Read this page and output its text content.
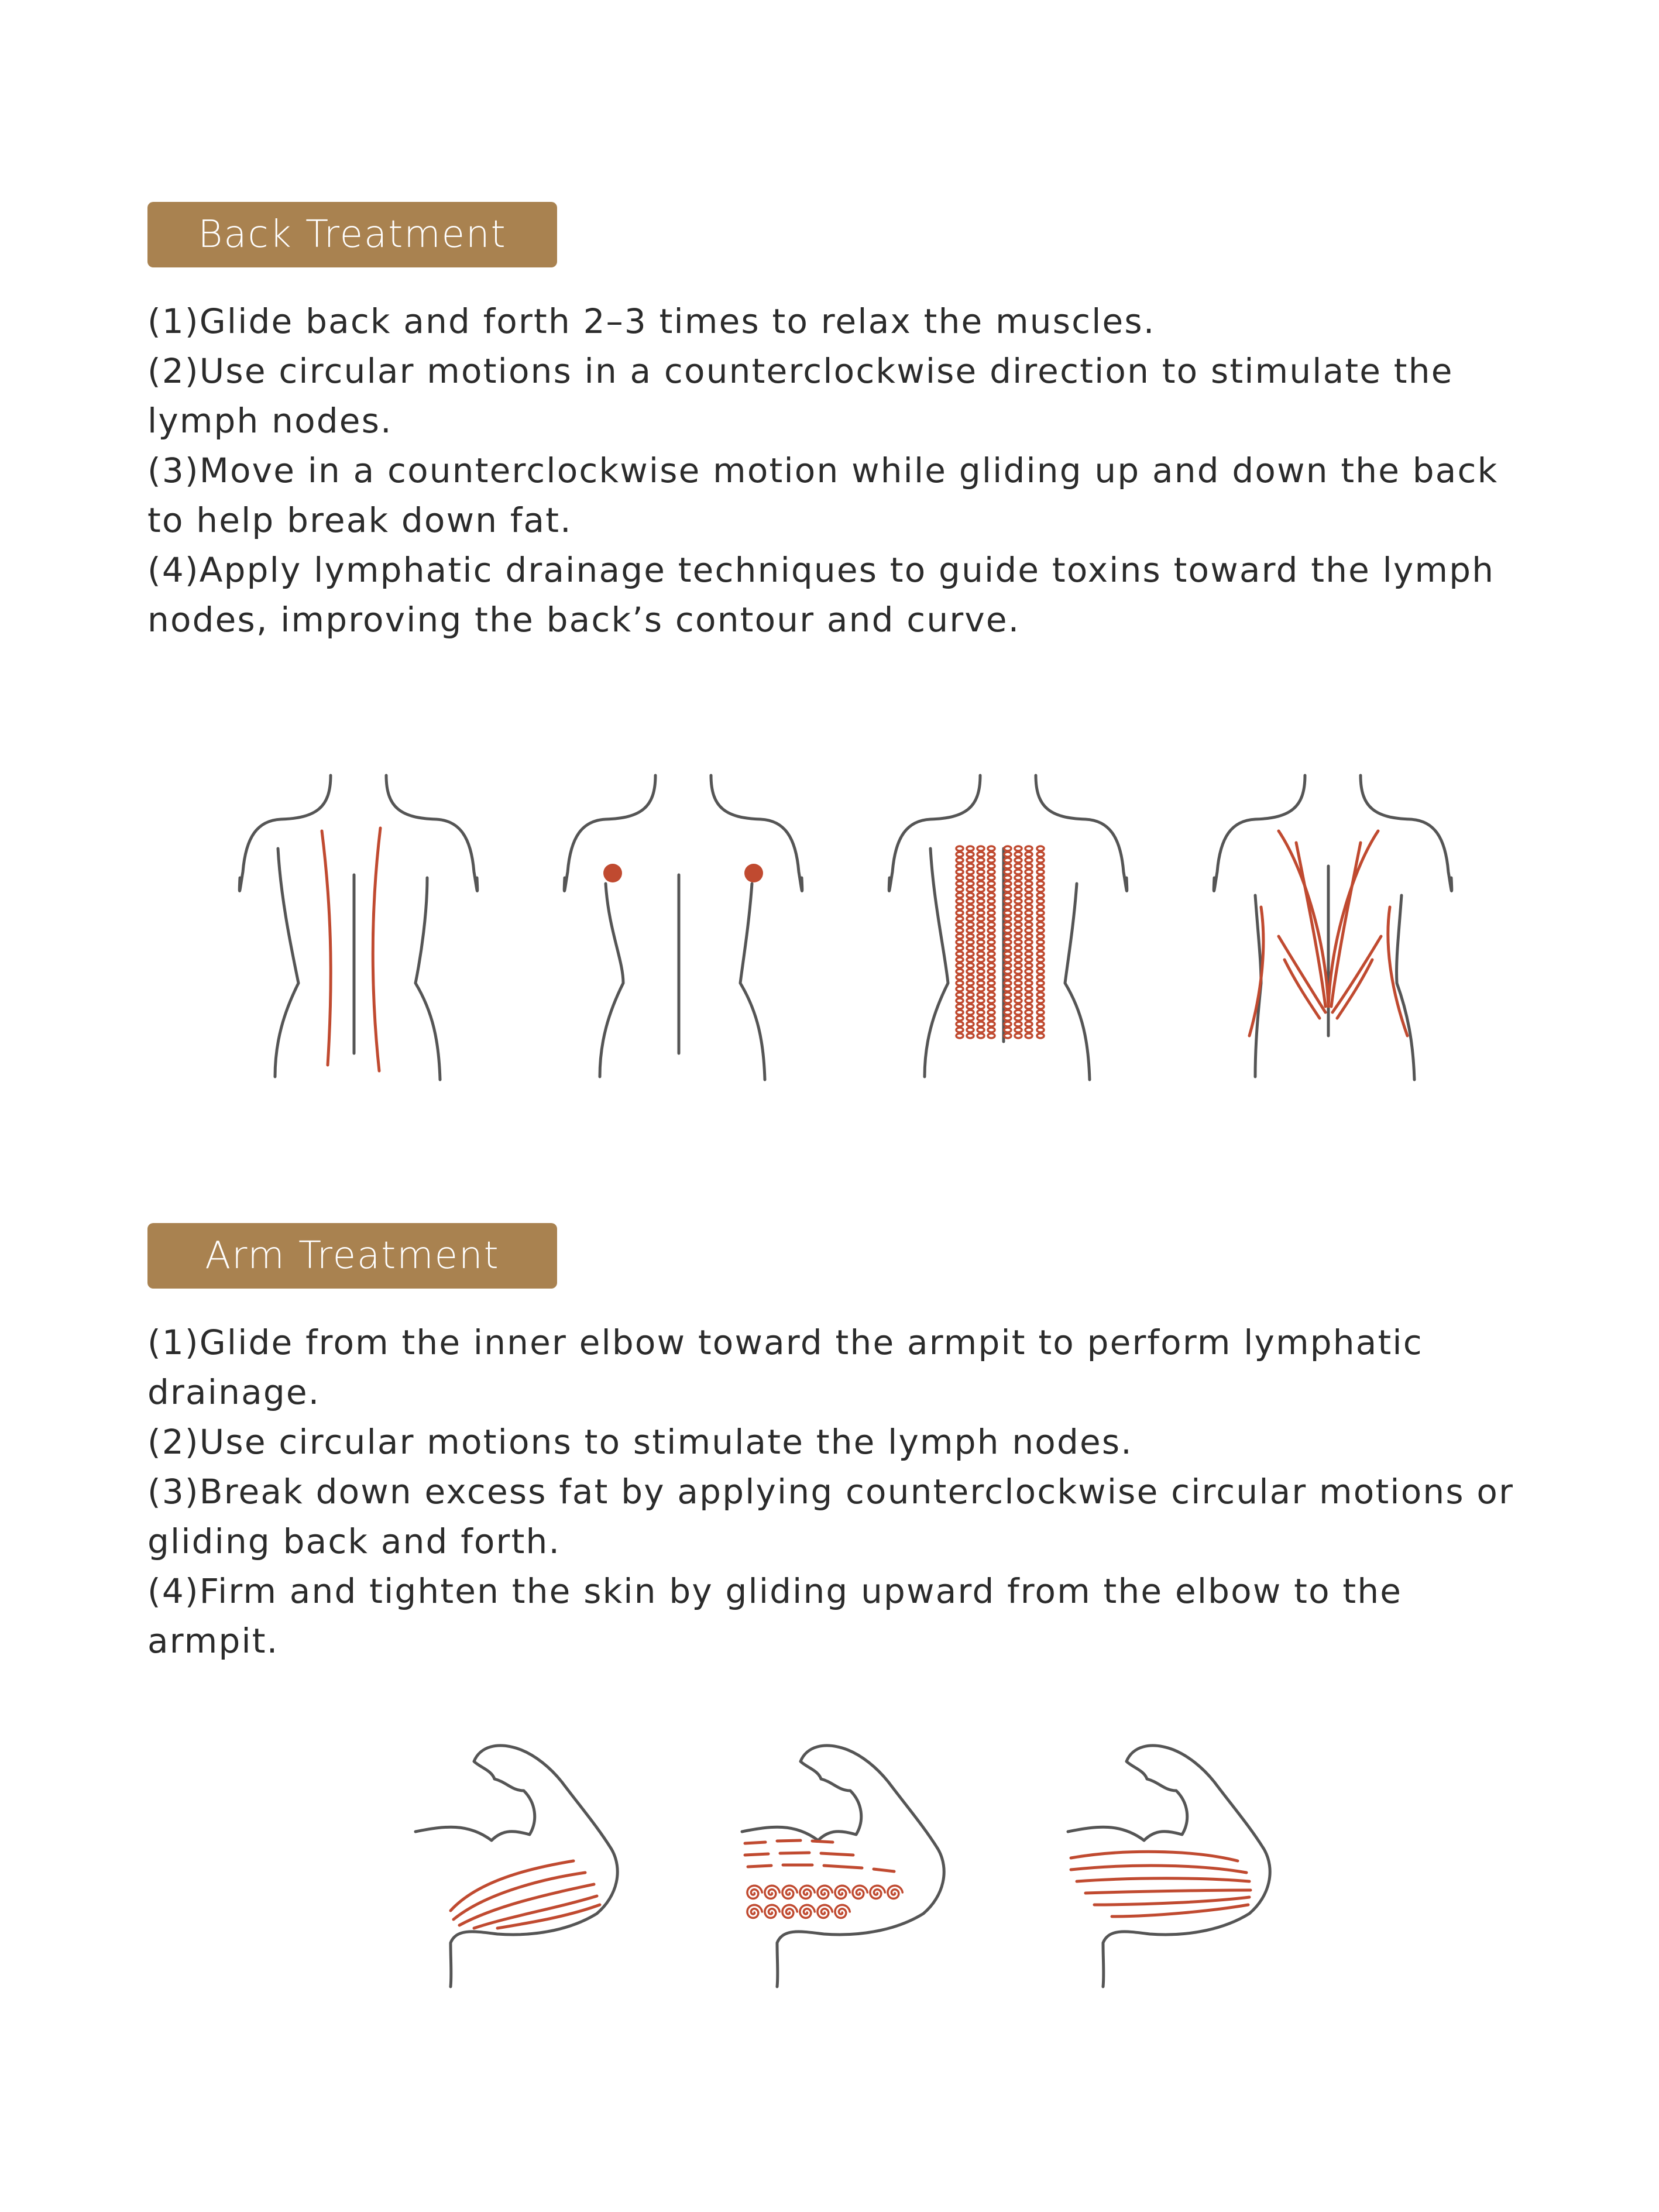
Back Treatment
(1)Glide back and forth 2–3 times to relax the muscles.
(2)Use circular motions in a counterclockwise direction to stimulate the lymph nodes.
(3)Move in a counterclockwise motion while gliding up and down the back to help break down fat.
(4)Apply lymphatic drainage techniques to guide toxins toward the lymph nodes, improving the back’s contour and curve.
Arm Treatment
(1)Glide from the inner elbow toward the armpit to perform lymphatic drainage.
(2)Use circular motions to stimulate the lymph nodes.
(3)Break down excess fat by applying counterclockwise circular motions or gliding back and forth.
(4)Firm and tighten the skin by gliding upward from the elbow to the armpit.
